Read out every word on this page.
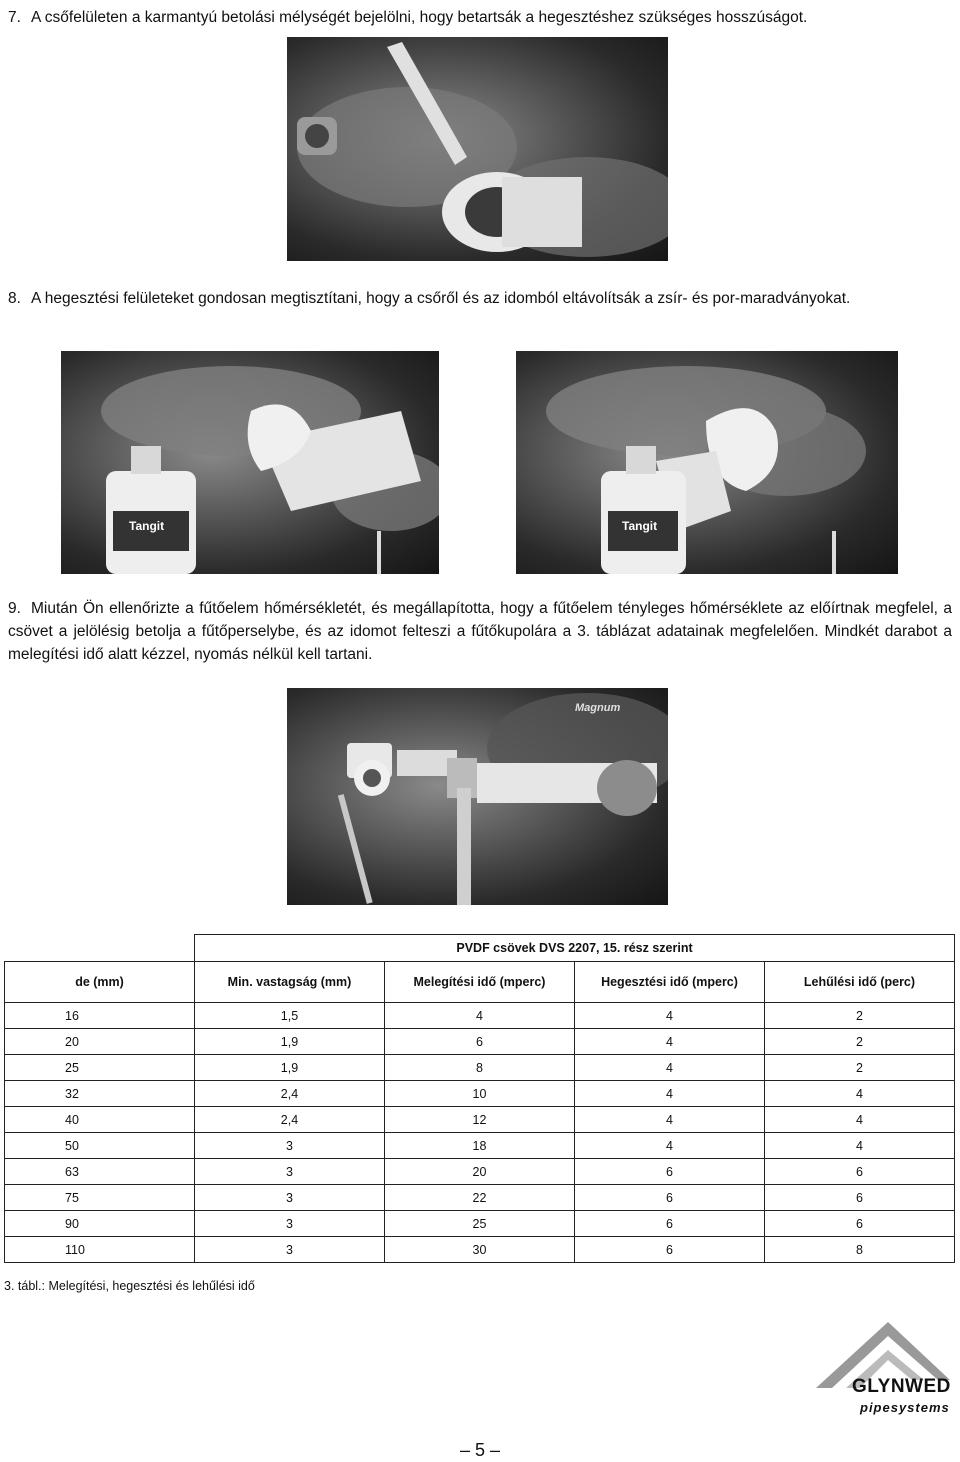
7. A csőfelületen a karmantyú betolási mélységét bejelölni, hogy betartsák a hegesztéshez szükséges hosszúságot.
8. A hegesztési felületeket gondosan megtisztítani, hogy a csőről és az idomból eltávolítsák a zsír- és por-maradványokat.
Tangit	Tangit
9. Miután Ön ellenőrizte a fűtőelem hőmérsékletét, és megállapította, hogy a fűtőelem tényleges hőmérséklete az előírtnak megfelel, a csövet a jelölésig betolja a fűtőperselybe, és az idomot felteszi a fűtőkupolára a 3. táblázat adatainak megfelelően. Mindkét darabot a melegítési idő alatt kézzel, nyomás nélkül kell tartani.
Magnum
	PVDF csövek DVS 2207, 15. rész szerint			
de (mm)	Min. vastagság (mm)	Melegítési idő (mperc)	Hegesztési idő (mperc)	Lehűlési idő (perc)
16	1,5	4	4	2
20	1,9	6	4	2
25	1,9	8	4	2
32	2,4	10	4	4
40	2,4	12	4	4
50	3	18	4	4
63	3	20	6	6
75	3	22	6	6
90	3	25	6	6
110	3	30	6	8
3. tábl.: Melegítési, hegesztési és lehűlési idő
GLYNWED
pipesystems
– 5 –
